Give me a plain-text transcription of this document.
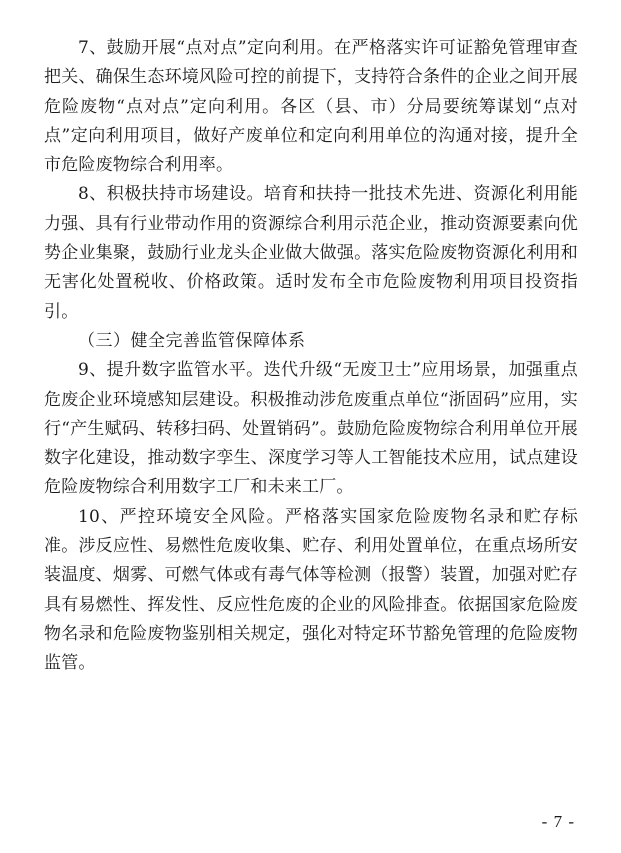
7、鼓励开展“点对点”定向利用。在严格落实许可证豁免管理审查把关、确保生态环境风险可控的前提下，支持符合条件的企业之间开展危险废物“点对点”定向利用。各区（县、市）分局要统筹谋划“点对点”定向利用项目，做好产废单位和定向利用单位的沟通对接，提升全市危险废物综合利用率。

8、积极扶持市场建设。培育和扶持一批技术先进、资源化利用能力强、具有行业带动作用的资源综合利用示范企业，推动资源要素向优势企业集聚，鼓励行业龙头企业做大做强。落实危险废物资源化利用和无害化处置税收、价格政策。适时发布全市危险废物利用项目投资指引。

（三）健全完善监管保障体系

9、提升数字监管水平。迭代升级“无废卫士”应用场景，加强重点危废企业环境感知层建设。积极推动涉危废重点单位“浙固码”应用，实行“产生赋码、转移扫码、处置销码”。鼓励危险废物综合利用单位开展数字化建设，推动数字孪生、深度学习等人工智能技术应用，试点建设危险废物综合利用数字工厂和未来工厂。

10、严控环境安全风险。严格落实国家危险废物名录和贮存标准。涉反应性、易燃性危废收集、贮存、利用处置单位，在重点场所安装温度、烟雾、可燃气体或有毒气体等检测（报警）装置，加强对贮存具有易燃性、挥发性、反应性危废的企业的风险排查。依据国家危险废物名录和危险废物鉴别相关规定，强化对特定环节豁免管理的危险废物监管。

- 7 -
